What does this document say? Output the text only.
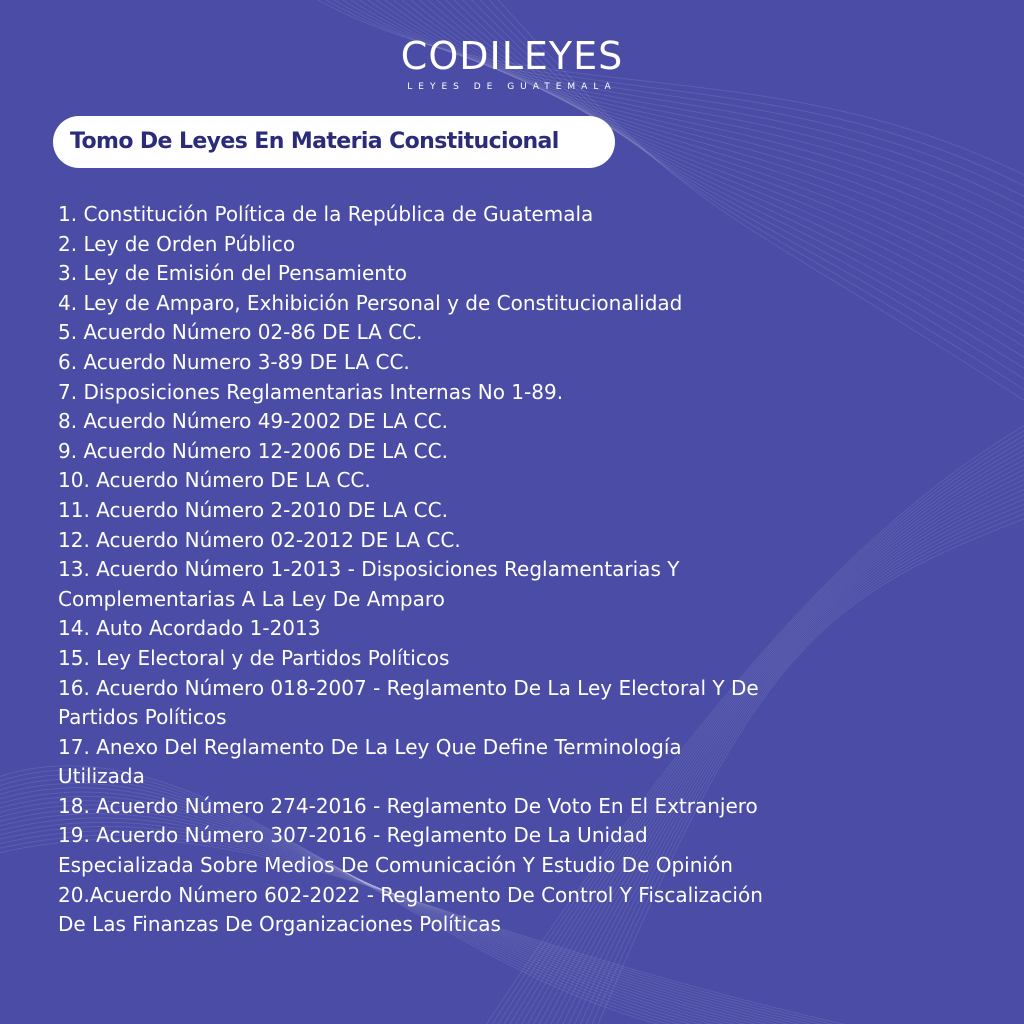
CODILEYES
LEYES DE GUATEMALA
Tomo De Leyes En Materia Constitucional
1. Constitución Política de la República de Guatemala
2. Ley de Orden Público
3. Ley de Emisión del Pensamiento
4. Ley de Amparo, Exhibición Personal y de Constitucionalidad
5. Acuerdo Número 02-86 DE LA CC.
6. Acuerdo Numero 3-89 DE LA CC.
7. Disposiciones Reglamentarias Internas No 1-89.
8. Acuerdo Número 49-2002 DE LA CC.
9. Acuerdo Número 12-2006 DE LA CC.
10. Acuerdo Número DE LA CC.
11. Acuerdo Número 2-2010 DE LA CC.
12. Acuerdo Número 02-2012 DE LA CC.
13. Acuerdo Número 1-2013 - Disposiciones Reglamentarias Y
Complementarias A La Ley De Amparo
14. Auto Acordado 1-2013
15. Ley Electoral y de Partidos Políticos
16. Acuerdo Número 018-2007 - Reglamento De La Ley Electoral Y De
Partidos Políticos
17. Anexo Del Reglamento De La Ley Que Define Terminología
Utilizada
18. Acuerdo Número 274-2016 - Reglamento De Voto En El Extranjero
19. Acuerdo Número 307-2016 - Reglamento De La Unidad
Especializada Sobre Medios De Comunicación Y Estudio De Opinión
20.Acuerdo Número 602-2022 - Reglamento De Control Y Fiscalización
De Las Finanzas De Organizaciones Políticas
